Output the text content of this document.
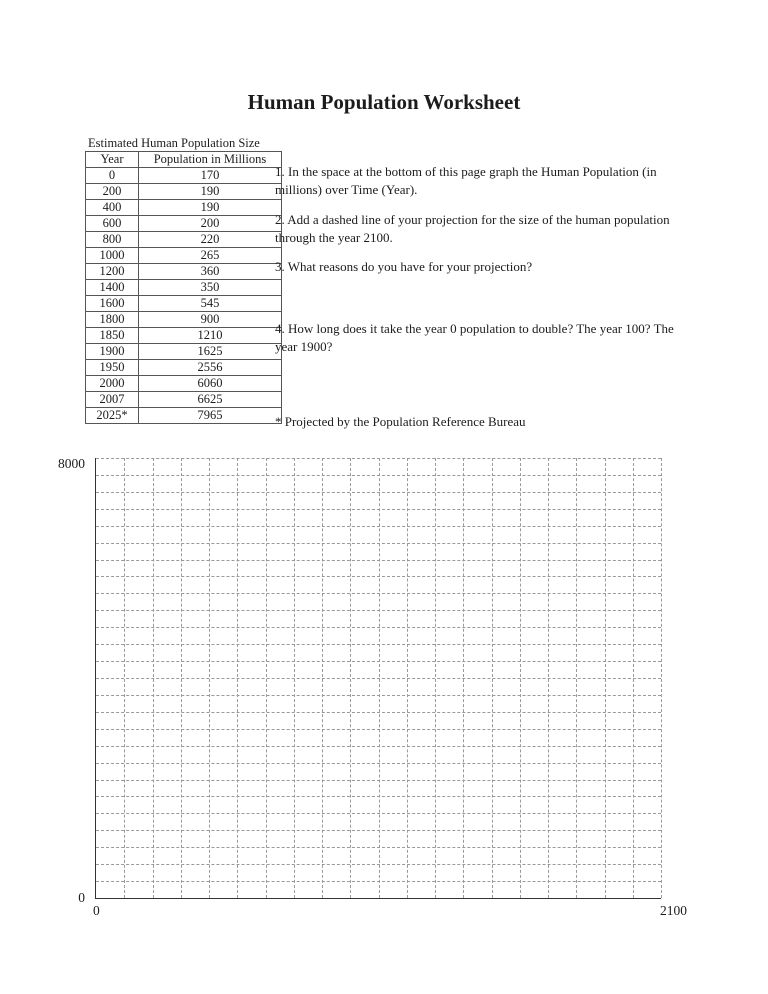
Human Population Worksheet
Estimated Human Population Size
Year	Population in Millions
0	170
200	190
400	190
600	200
800	220
1000	265
1200	360
1400	350
1600	545
1800	900
1850	1210
1900	1625
1950	2556
2000	6060
2007	6625
2025*	7965
1. In the space at the bottom of this page graph the Human Population (in millions) over Time (Year).
2. Add a dashed line of your projection for the size of the human population through the year 2100.
3. What reasons do you have for your projection?
4. How long does it take the year 0 population to double? The year 100? The year 1900?
* Projected by the Population Reference Bureau
8000
0
0	2100
